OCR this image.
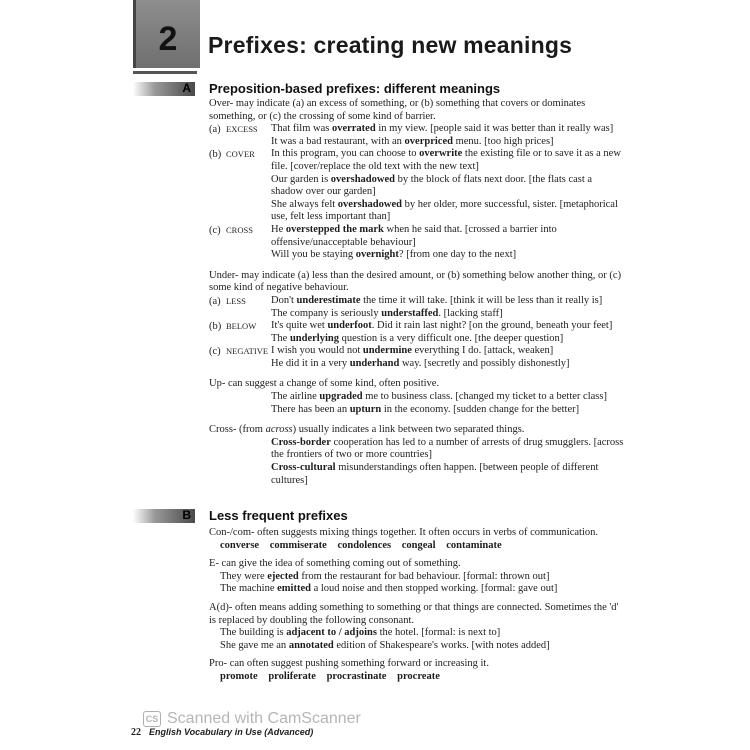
2	Prefixes: creating new meanings
A Preposition-based prefixes: different meanings
Over- may indicate (a) an excess of something, or (b) something that covers or dominates something, or (c) the crossing of some kind of barrier.
(a) EXCESS	That film was overrated in my view. [people said it was better than it really was]
It was a bad restaurant, with an overpriced menu. [too high prices]
(b) COVER	In this program, you can choose to overwrite the existing file or to save it as a new file. [cover/replace the old text with the new text]
Our garden is overshadowed by the block of flats next door. [the flats cast a shadow over our garden]
She always felt overshadowed by her older, more successful, sister. [metaphorical use, felt less important than]
(c) CROSS	He overstepped the mark when he said that. [crossed a barrier into offensive/unacceptable behaviour]
Will you be staying overnight? [from one day to the next]
Under- may indicate (a) less than the desired amount, or (b) something below another thing, or (c) some kind of negative behaviour.
(a) LESS	Don't underestimate the time it will take. [think it will be less than it really is]
The company is seriously understaffed. [lacking staff]
(b) BELOW	It's quite wet underfoot. Did it rain last night? [on the ground, beneath your feet]
The underlying question is a very difficult one. [the deeper question]
(c) NEGATIVE I wish you would not undermine everything I do. [attack, weaken]
He did it in a very underhand way. [secretly and possibly dishonestly]
Up- can suggest a change of some kind, often positive.
The airline upgraded me to business class. [changed my ticket to a better class]
There has been an upturn in the economy. [sudden change for the better]
Cross- (from across) usually indicates a link between two separated things.
Cross-border cooperation has led to a number of arrests of drug smugglers. [across the frontiers of two or more countries]
Cross-cultural misunderstandings often happen. [between people of different cultures]
B Less frequent prefixes
Con-/com- often suggests mixing things together. It often occurs in verbs of communication.
converse commiserate condolences congeal contaminate
E- can give the idea of something coming out of something.
They were ejected from the restaurant for bad behaviour. [formal: thrown out]
The machine emitted a loud noise and then stopped working. [formal: gave out]
A(d)- often means adding something to something or that things are connected. Sometimes the 'd' is replaced by doubling the following consonant.
The building is adjacent to / adjoins the hotel. [formal: is next to]
She gave me an annotated edition of Shakespeare's works. [with notes added]
Pro- can often suggest pushing something forward or increasing it.
promote proliferate procrastinate procreate
CS Scanned with CamScanner
22 English Vocabulary in Use (Advanced)
